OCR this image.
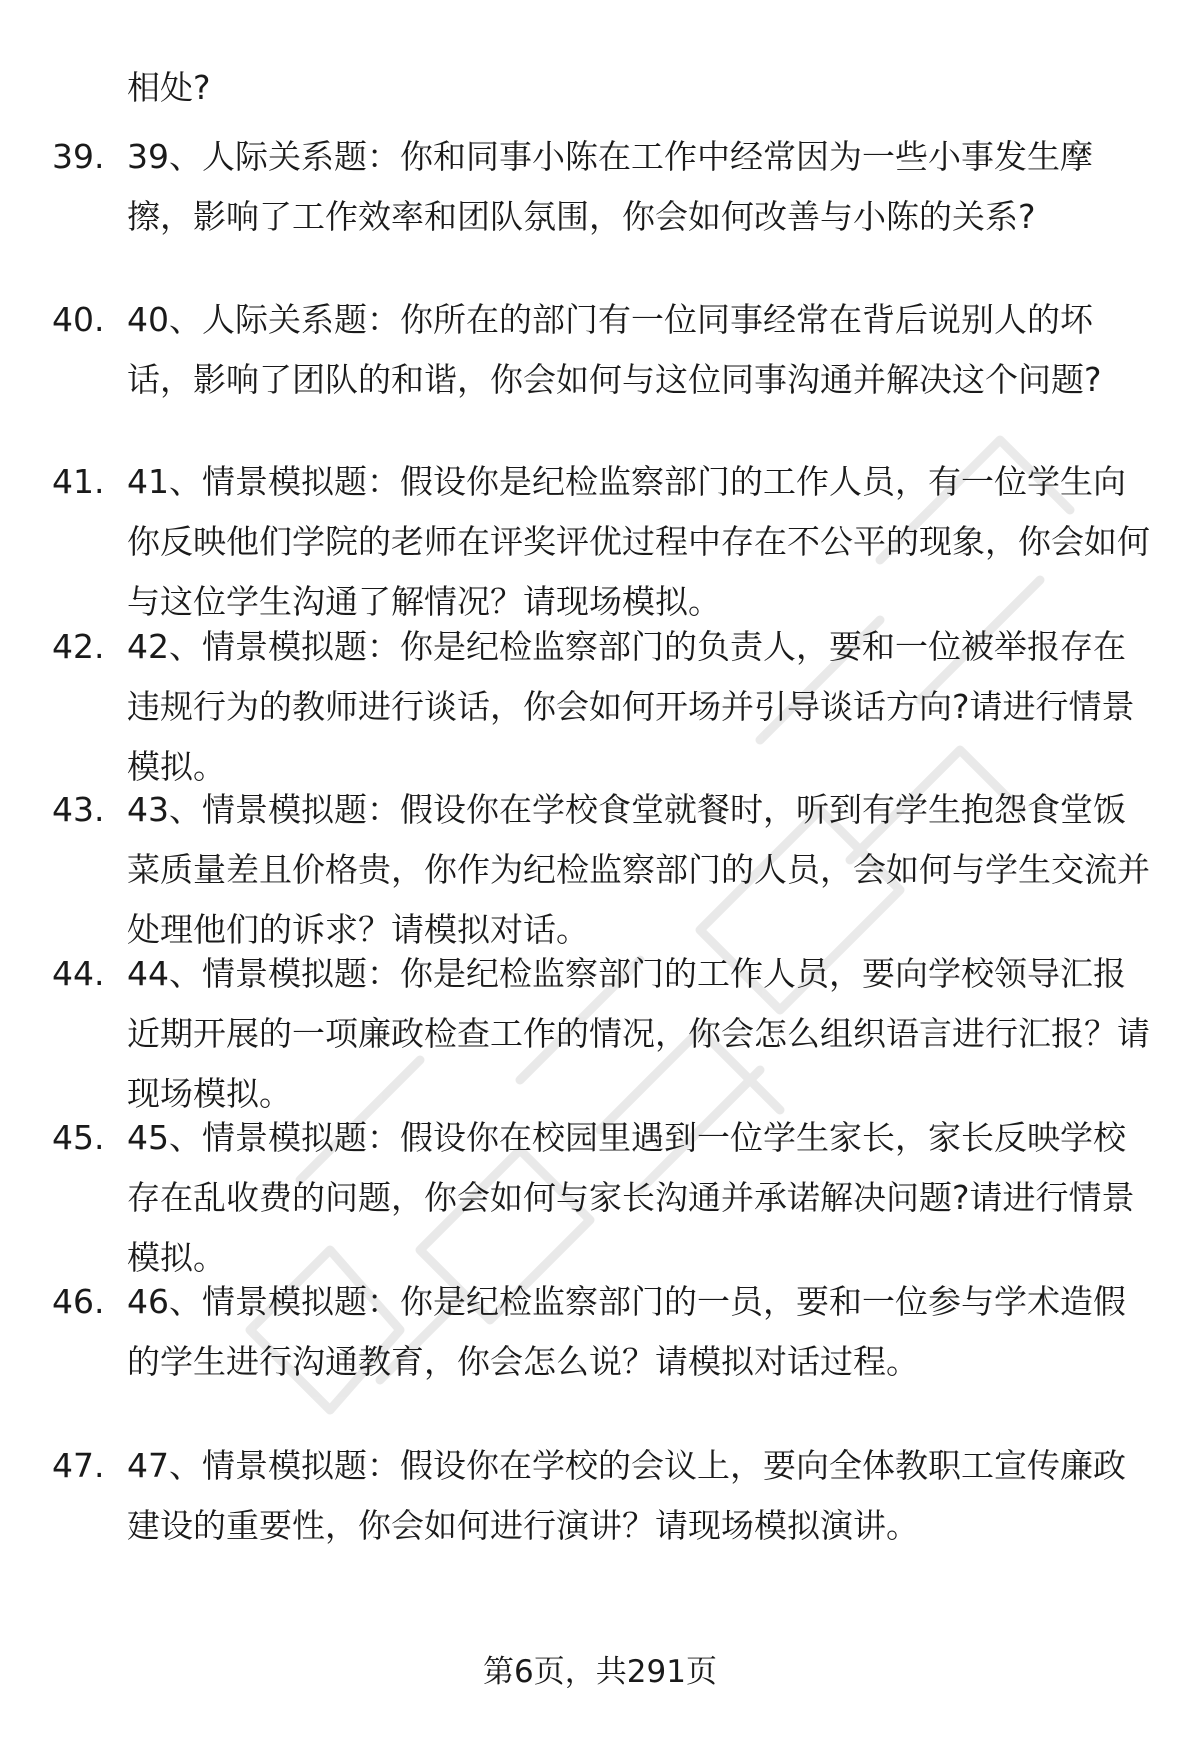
相处?

39. 39、人际关系题：你和同事小陈在工作中经常因为一些小事发生摩擦，影响了工作效率和团队氛围，你会如何改善与小陈的关系?

40. 40、人际关系题：你所在的部门有一位同事经常在背后说别人的坏话，影响了团队的和谐，你会如何与这位同事沟通并解决这个问题?

41. 41、情景模拟题：假设你是纪检监察部门的工作人员，有一位学生向你反映他们学院的老师在评奖评优过程中存在不公平的现象，你会如何与这位学生沟通了解情况？请现场模拟。

42. 42、情景模拟题：你是纪检监察部门的负责人，要和一位被举报存在违规行为的教师进行谈话，你会如何开场并引导谈话方向?请进行情景模拟。

43. 43、情景模拟题：假设你在学校食堂就餐时，听到有学生抱怨食堂饭菜质量差且价格贵，你作为纪检监察部门的人员，会如何与学生交流并处理他们的诉求？请模拟对话。

44. 44、情景模拟题：你是纪检监察部门的工作人员，要向学校领导汇报近期开展的一项廉政检查工作的情况，你会怎么组织语言进行汇报？请现场模拟。

45. 45、情景模拟题：假设你在校园里遇到一位学生家长，家长反映学校存在乱收费的问题，你会如何与家长沟通并承诺解决问题?请进行情景模拟。

46. 46、情景模拟题：你是纪检监察部门的一员，要和一位参与学术造假的学生进行沟通教育，你会怎么说？请模拟对话过程。

47. 47、情景模拟题：假设你在学校的会议上，要向全体教职工宣传廉政建设的重要性，你会如何进行演讲？请现场模拟演讲。

第6页，共291页
